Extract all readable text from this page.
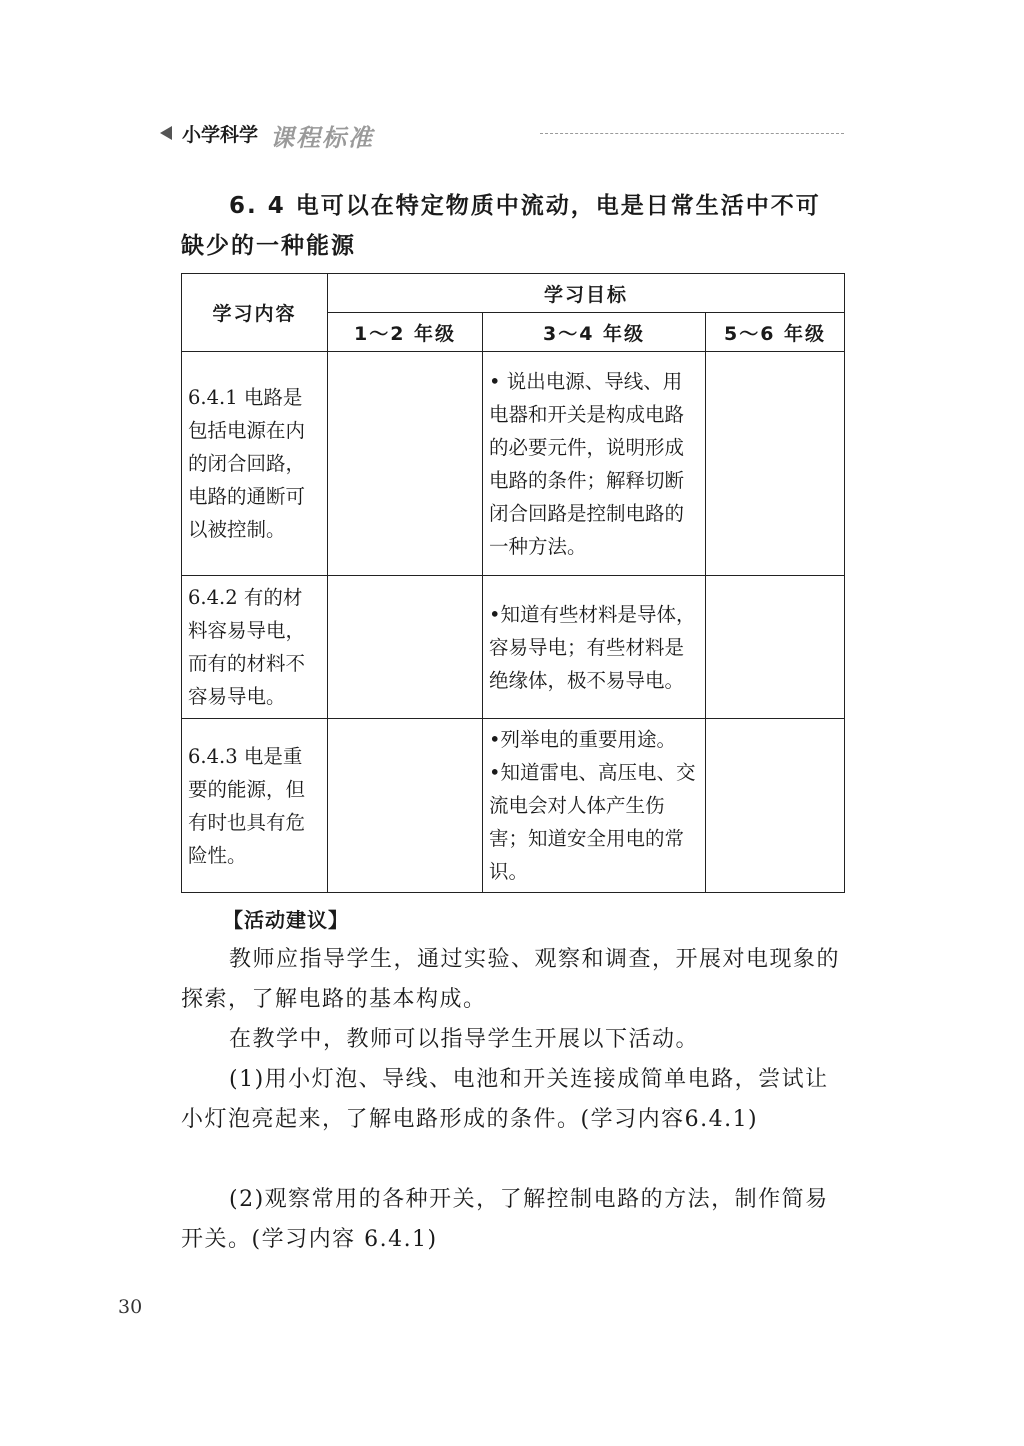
小学科学 课程标准
6. 4 电可以在特定物质中流动，电是日常生活中不可缺少的一种能源
学习内容	学习目标		
	1～2 年级	3～4 年级	5～6 年级

6.4.1 电路是包括电源在内的闭合回路，电路的通断可以被控制。		• 说出电源、导线、用电器和开关是构成电路的必要元件，说明形成电路的条件；解释切断闭合回路是控制电路的一种方法。	

6.4.2 有的材料容易导电，而有的材料不容易导电。		•知道有些材料是导体，容易导电；有些材料是绝缘体，极不易导电。	

6.4.3 电是重要的能源，但有时也具有危险性。		•列举电的重要用途。
•知道雷电、高压电、交流电会对人体产生伤害；知道安全用电的常识。	

【活动建议】
教师应指导学生，通过实验、观察和调查，开展对电现象的探索，了解电路的基本构成。
在教学中，教师可以指导学生开展以下活动。
(1)用小灯泡、导线、电池和开关连接成简单电路，尝试让小灯泡亮起来，了解电路形成的条件。(学习内容6.4.1)
(2)观察常用的各种开关，了解控制电路的方法，制作简易开关。(学习内容 6.4.1)
30
